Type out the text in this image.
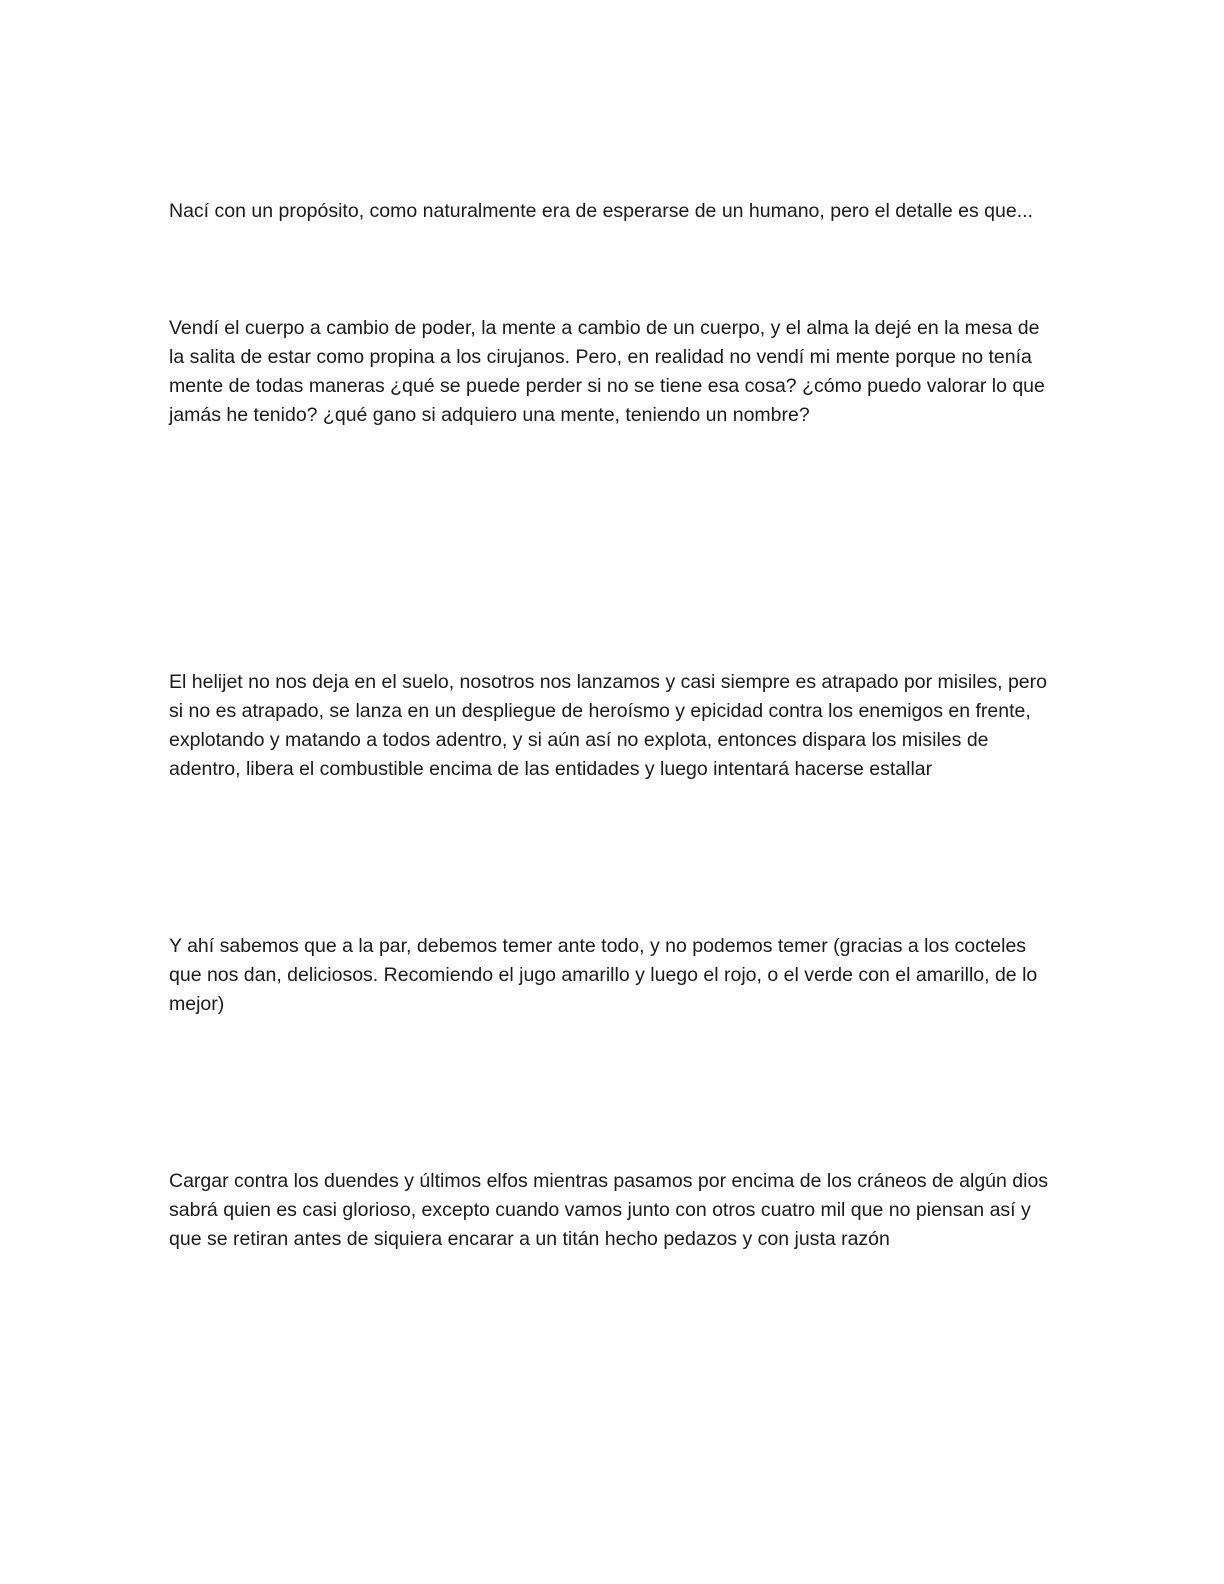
Nací con un propósito, como naturalmente era de esperarse de un humano, pero el detalle es que...

Vendí el cuerpo a cambio de poder, la mente a cambio de un cuerpo, y el alma la dejé en la mesa de la salita de estar como propina a los cirujanos. Pero, en realidad no vendí mi mente porque no tenía mente de todas maneras ¿qué se puede perder si no se tiene esa cosa? ¿cómo puedo valorar lo que jamás he tenido? ¿qué gano si adquiero una mente, teniendo un nombre?

El helijet no nos deja en el suelo, nosotros nos lanzamos y casi siempre es atrapado por misiles, pero si no es atrapado, se lanza en un despliegue de heroísmo y epicidad contra los enemigos en frente, explotando y matando a todos adentro, y si aún así no explota, entonces dispara los misiles de adentro, libera el combustible encima de las entidades y luego intentará hacerse estallar

Y ahí sabemos que a la par, debemos temer ante todo, y no podemos temer (gracias a los cocteles que nos dan, deliciosos. Recomiendo el jugo amarillo y luego el rojo, o el verde con el amarillo, de lo mejor)

Cargar contra los duendes y últimos elfos mientras pasamos por encima de los cráneos de algún dios sabrá quien es casi glorioso, excepto cuando vamos junto con otros cuatro mil que no piensan así y que se retiran antes de siquiera encarar a un titán hecho pedazos y con justa razón
